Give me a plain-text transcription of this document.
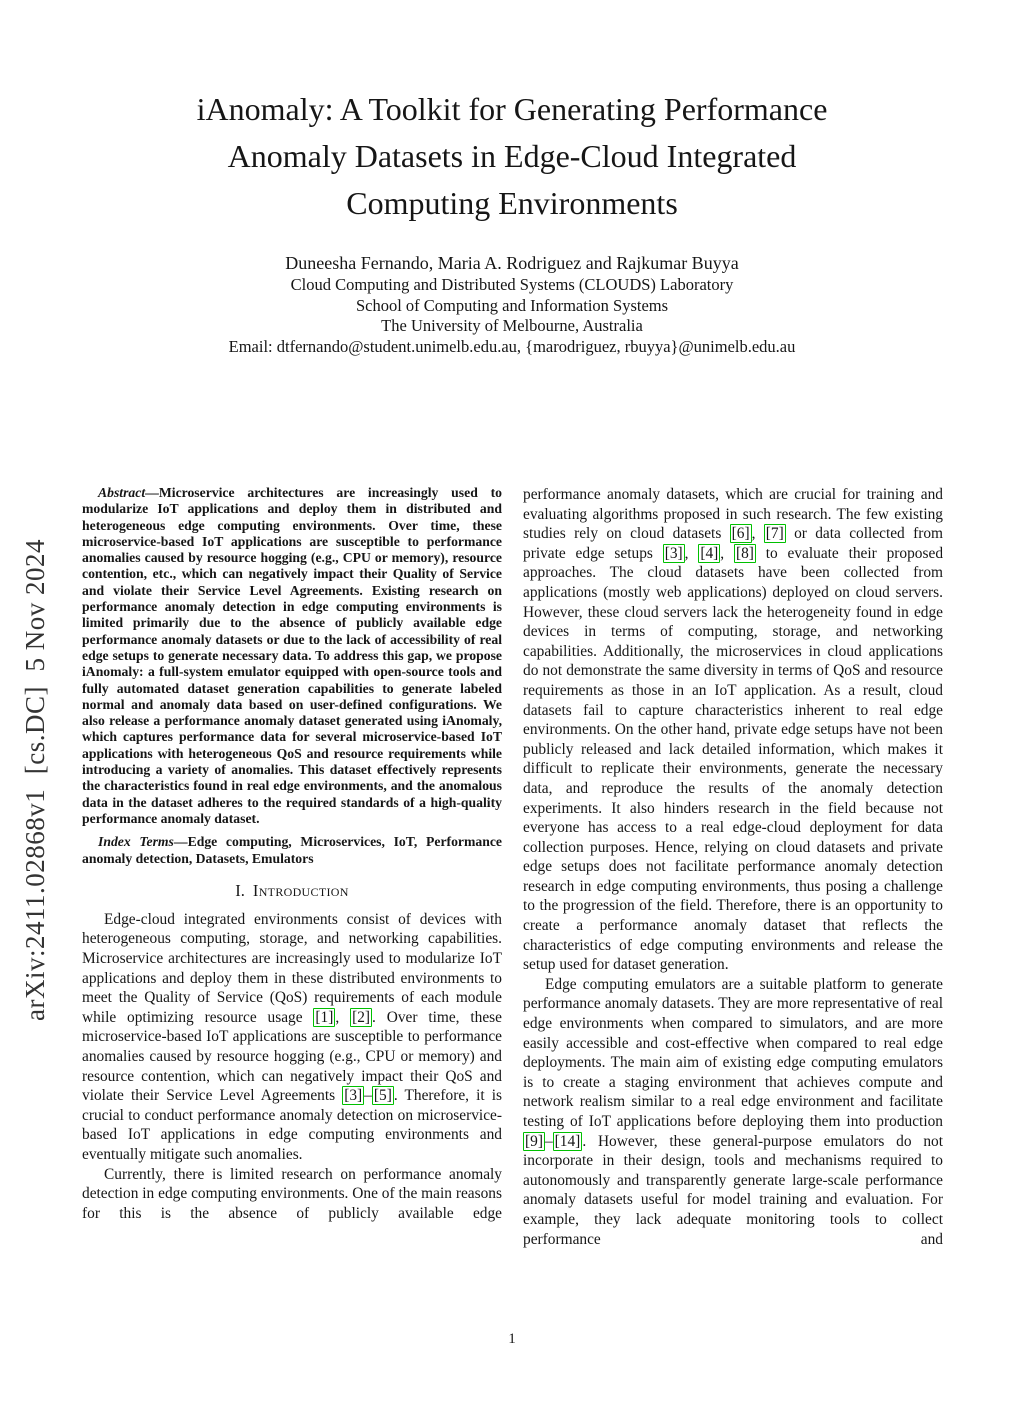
arXiv:2411.02868v1  [cs.DC]  5 Nov 2024
iAnomaly: A Toolkit for Generating Performance
Anomaly Datasets in Edge-Cloud Integrated
Computing Environments
Duneesha Fernando, Maria A. Rodriguez and Rajkumar Buyya
Cloud Computing and Distributed Systems (CLOUDS) Laboratory
School of Computing and Information Systems
The University of Melbourne, Australia
Email: dtfernando@student.unimelb.edu.au, {marodriguez, rbuyya}@unimelb.edu.au

Abstract—Microservice architectures are increasingly used to modularize IoT applications and deploy them in distributed and heterogeneous edge computing environments. Over time, these microservice-based IoT applications are susceptible to performance anomalies caused by resource hogging (e.g., CPU or memory), resource contention, etc., which can negatively impact their Quality of Service and violate their Service Level Agreements. Existing research on performance anomaly detection in edge computing environments is limited primarily due to the absence of publicly available edge performance anomaly datasets or due to the lack of accessibility of real edge setups to generate necessary data. To address this gap, we propose iAnomaly: a full-system emulator equipped with open-source tools and fully automated dataset generation capabilities to generate labeled normal and anomaly data based on user-defined configurations. We also release a performance anomaly dataset generated using iAnomaly, which captures performance data for several microservice-based IoT applications with heterogeneous QoS and resource requirements while introducing a variety of anomalies. This dataset effectively represents the characteristics found in real edge environments, and the anomalous data in the dataset adheres to the required standards of a high-quality performance anomaly dataset.

Index Terms—Edge computing, Microservices, IoT, Performance anomaly detection, Datasets, Emulators

I. Introduction

Edge-cloud integrated environments consist of devices with heterogeneous computing, storage, and networking capabilities. Microservice architectures are increasingly used to modularize IoT applications and deploy them in these distributed environments to meet the Quality of Service (QoS) requirements of each module while optimizing resource usage [1] , [2] . Over time, these microservice-based IoT applications are susceptible to performance anomalies caused by resource hogging (e.g., CPU or memory) and resource contention, which can negatively impact their QoS and violate their Service Level Agreements [3] – [5] . Therefore, it is crucial to conduct performance anomaly detection on microservice-based IoT applications in edge computing environments and eventually mitigate such anomalies.

Currently, there is limited research on performance anomaly detection in edge computing environments. One of the main reasons for this is the absence of publicly available edge

performance anomaly datasets, which are crucial for training and evaluating algorithms proposed in such research. The few existing studies rely on cloud datasets [6] , [7] or data collected from private edge setups [3] , [4] , [8] to evaluate their proposed approaches. The cloud datasets have been collected from applications (mostly web applications) deployed on cloud servers. However, these cloud servers lack the heterogeneity found in edge devices in terms of computing, storage, and networking capabilities. Additionally, the microservices in cloud applications do not demonstrate the same diversity in terms of QoS and resource requirements as those in an IoT application. As a result, cloud datasets fail to capture characteristics inherent to real edge environments. On the other hand, private edge setups have not been publicly released and lack detailed information, which makes it difficult to replicate their environments, generate the necessary data, and reproduce the results of the anomaly detection experiments. It also hinders research in the field because not everyone has access to a real edge-cloud deployment for data collection purposes. Hence, relying on cloud datasets and private edge setups does not facilitate performance anomaly detection research in edge computing environments, thus posing a challenge to the progression of the field. Therefore, there is an opportunity to create a performance anomaly dataset that reflects the characteristics of edge computing environments and release the setup used for dataset generation.

Edge computing emulators are a suitable platform to generate performance anomaly datasets. They are more representative of real edge environments when compared to simulators, and are more easily accessible and cost-effective when compared to real edge deployments. The main aim of existing edge computing emulators is to create a staging environment that achieves compute and network realism similar to a real edge environment and facilitate testing of IoT applications before deploying them into production [9] – [14] . However, these general-purpose emulators do not incorporate in their design, tools and mechanisms required to autonomously and transparently generate large-scale performance anomaly datasets useful for model training and evaluation. For example, they lack adequate monitoring tools to collect performance and

1
